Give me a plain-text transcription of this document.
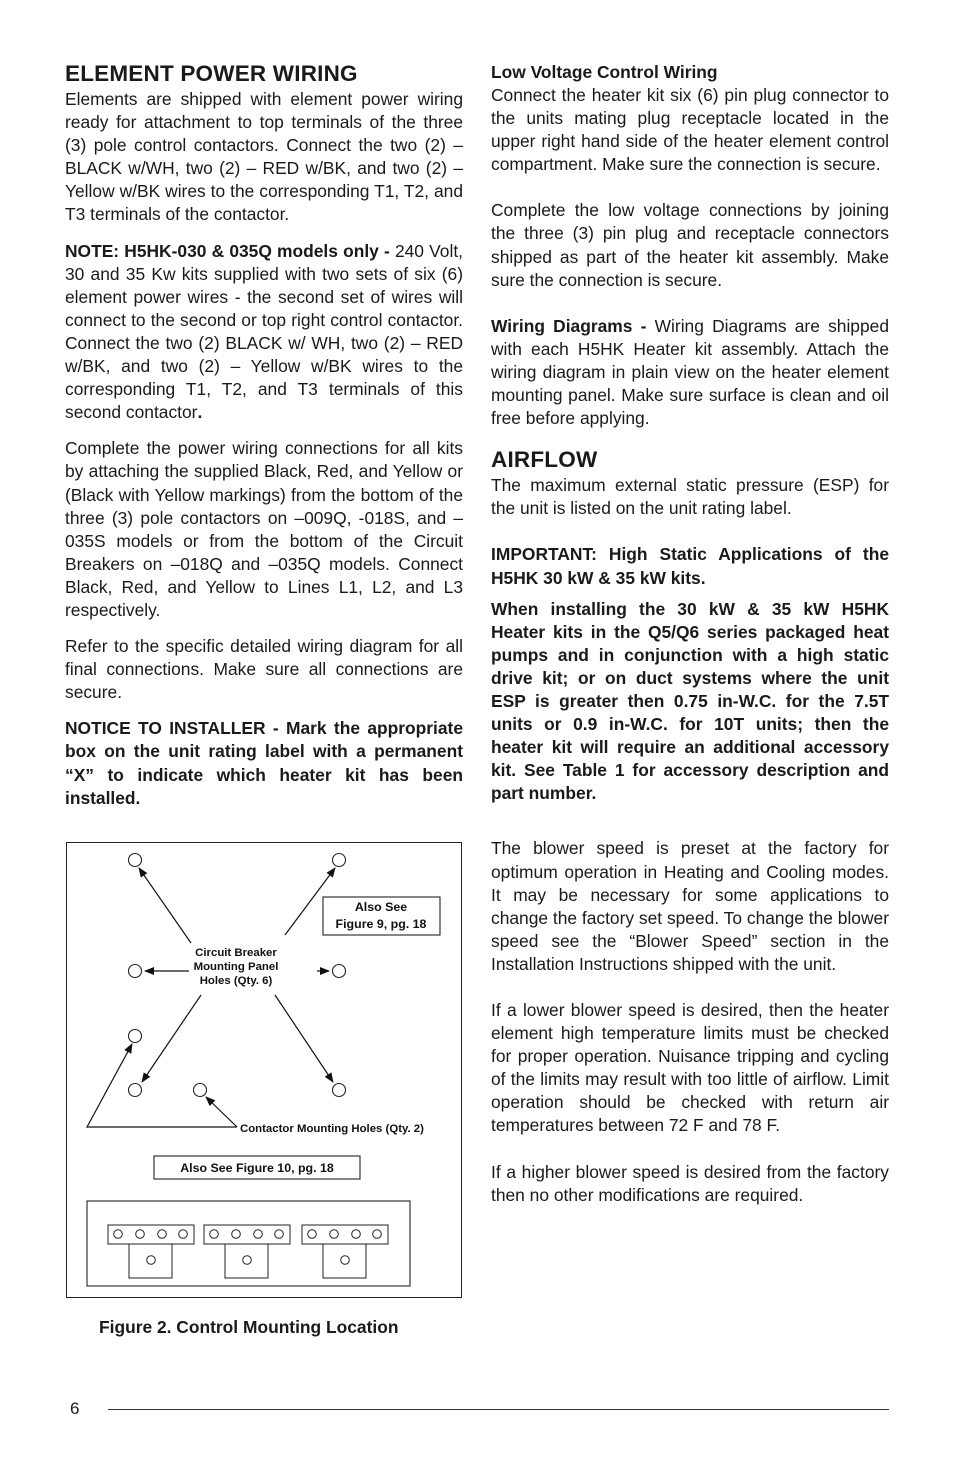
ELEMENT POWER WIRING

Elements are shipped with element power wiring ready for attachment to top terminals of the three (3) pole control contactors. Connect the two (2) – BLACK w/WH, two (2) – RED w/BK, and two (2) – Yellow w/BK wires to the corresponding T1, T2, and T3 terminals of the contactor.

NOTE: H5HK-030 & 035Q models only - 240 Volt, 30 and 35 Kw kits supplied with two sets of six (6) element power wires - the second set of wires will connect to the second or top right control contactor. Connect the two (2) BLACK w/ WH, two (2) – RED w/BK, and two (2) – Yellow w/BK wires to the corresponding T1, T2, and T3 terminals of this second contactor.

Complete the power wiring connections for all kits by attaching the supplied Black, Red, and Yellow or (Black with Yellow markings) from the bottom of the three (3) pole contactors on –009Q, -018S, and –035S models or from the bottom of the Circuit Breakers on –018Q and –035Q models. Connect Black, Red, and Yellow to Lines L1, L2, and L3 respectively.

Refer to the specific detailed wiring diagram for all final connections. Make sure all connections are secure.

NOTICE TO INSTALLER - Mark the appropriate box on the unit rating label with a permanent “X” to indicate which heater kit has been installed.

Circuit Breaker
Mounting Panel
Holes (Qty. 6)
Contactor Mounting Holes (Qty. 2)
Also See
Figure 9, pg. 18
Also See Figure 10, pg. 18
Figure 2. Control Mounting Location
Low Voltage Control Wiring

Connect the heater kit six (6) pin plug connector to the units mating plug receptacle located in the upper right hand side of the heater element control compartment. Make sure the connection is secure.

Complete the low voltage connections by joining the three (3) pin plug and receptacle connectors shipped as part of the heater kit assembly. Make sure the connection is secure.

Wiring Diagrams - Wiring Diagrams are shipped with each H5HK Heater kit assembly. Attach the wiring diagram in plain view on the heater element mounting panel. Make sure surface is clean and oil free before applying.

AIRFLOW

The maximum external static pressure (ESP) for the unit is listed on the unit rating label.

IMPORTANT: High Static Applications of the H5HK 30 kW & 35 kW kits.

When installing the 30 kW & 35 kW H5HK Heater kits in the Q5/Q6 series packaged heat pumps and in conjunction with a high static drive kit; or on duct systems where the unit ESP is greater then 0.75 in-W.C. for the 7.5T units or 0.9 in-W.C. for 10T units; then the heater kit will require an additional accessory kit. See Table 1 for accessory description and part number.

The blower speed is preset at the factory for optimum operation in Heating and Cooling modes. It may be necessary for some applications to change the factory set speed. To change the blower speed see the “Blower Speed” section in the Installation Instructions shipped with the unit.

If a lower blower speed is desired, then the heater element high temperature limits must be checked for proper operation. Nuisance tripping and cycling of the limits may result with too little of airflow. Limit operation should be checked with return air temperatures between 72 F and 78 F.

If a higher blower speed is desired from the factory then no other modifications are required.

6
